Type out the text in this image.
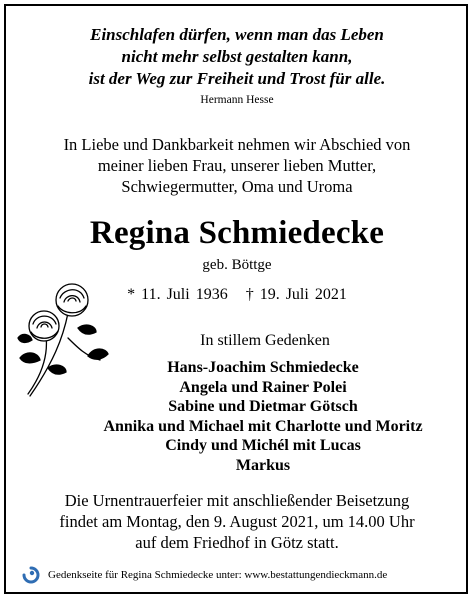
Einschlafen dürfen, wenn man das Leben
nicht mehr selbst gestalten kann,
ist der Weg zur Freiheit und Trost für alle.
Hermann Hesse
In Liebe und Dankbarkeit nehmen wir Abschied von
meiner lieben Frau, unserer lieben Mutter,
Schwiegermutter, Oma und Uroma
Regina Schmiedecke
geb. Böttge
* 11. Juli 1936   † 19. Juli 2021
In stillem Gedenken
Hans-Joachim Schmiedecke
Angela und Rainer Polei
Sabine und Dietmar Götsch
Annika und Michael mit Charlotte und Moritz
Cindy und Michél mit Lucas
Markus
Die Urnentrauerfeier mit anschließender Beisetzung
findet am Montag, den 9. August 2021, um 14.00 Uhr
auf dem Friedhof in Götz statt.
Gedenkseite für Regina Schmiedecke unter: www.bestattungendieckmann.de
